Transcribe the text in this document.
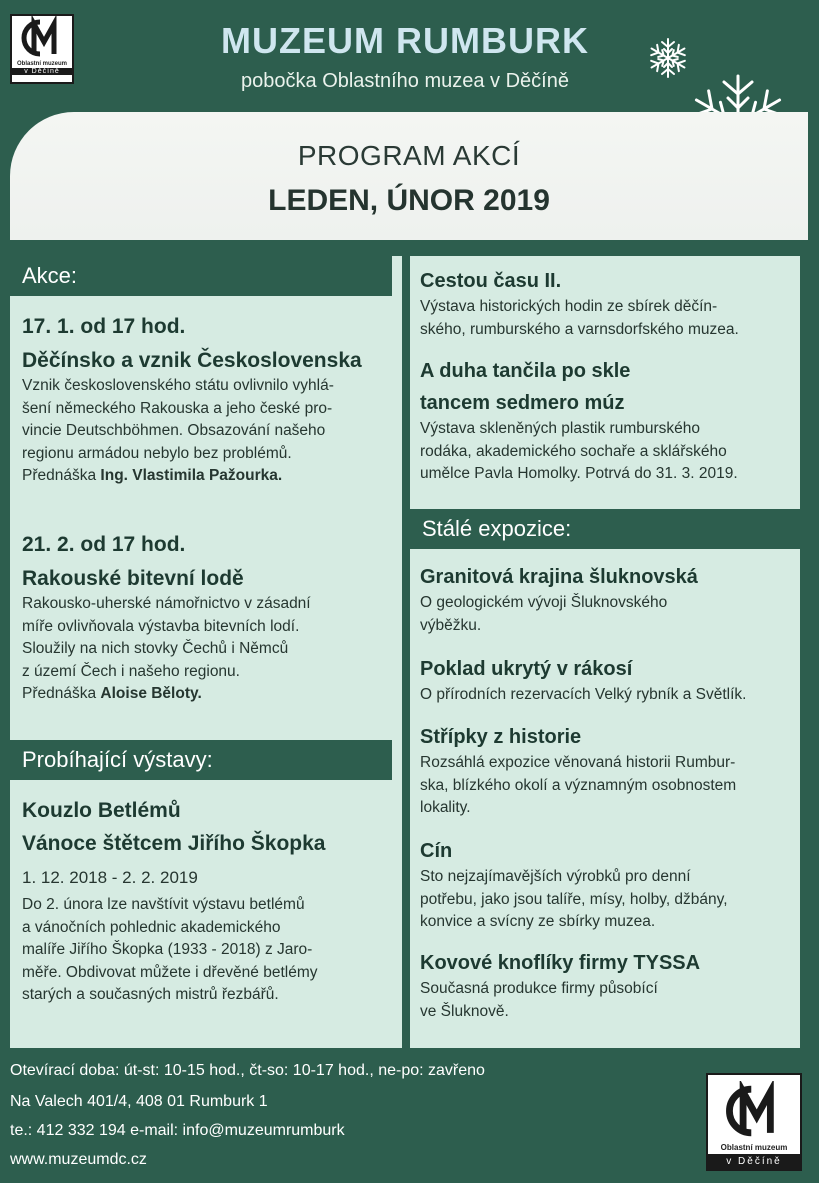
Oblastní muzeum
v Děčíně
MUZEUM RUMBURK
pobočka Oblastního muzea v Děčíně
PROGRAM AKCÍ
LEDEN, ÚNOR 2019
Akce:
17. 1. od 17 hod.
Děčínsko a vznik Československa
Vznik československého státu ovlivnilo vyhlá-
šení německého Rakouska a jeho české pro-
vincie Deutschböhmen. Obsazování našeho
regionu armádou nebylo bez problémů.
Přednáška Ing. Vlastimila Pažourka.
21. 2. od 17 hod.
Rakouské bitevní lodě
Rakousko-uherské námořnictvo v zásadní
míře ovlivňovala výstavba bitevních lodí.
Sloužily na nich stovky Čechů i Němců
z území Čech i našeho regionu.
Přednáška Aloise Běloty.
Probíhající výstavy:
Kouzlo Betlémů
Vánoce štětcem Jiřího Škopka
1. 12. 2018 - 2. 2. 2019
Do 2. února lze navštívit výstavu betlémů
a vánočních pohlednic akademického
malíře Jiřího Škopka (1933 - 2018) z Jaro-
měře. Obdivovat můžete i dřevěné betlémy
starých a současných mistrů řezbářů.
Cestou času II.
Výstava historických hodin ze sbírek děčín-
ského, rumburského a varnsdorfského muzea.
A duha tančila po skle
tancem sedmero múz
Výstava skleněných plastik rumburského
rodáka, akademického sochaře a sklářského
umělce Pavla Homolky. Potrvá do 31. 3. 2019.
Stálé expozice:
Granitová krajina šluknovská
O geologickém vývoji Šluknovského
výběžku.
Poklad ukrytý v rákosí
O přírodních rezervacích Velký rybník a Světlík.
Střípky z historie
Rozsáhlá expozice věnovaná historii Rumbur-
ska, blízkého okolí a významným osobnostem
lokality.
Cín
Sto nejzajímavějších výrobků pro denní
potřebu, jako jsou talíře, mísy, holby, džbány,
konvice a svícny ze sbírky muzea.
Kovové knoflíky firmy TYSSA
Současná produkce firmy působící
ve Šluknově.
Otevírací doba: út-st: 10-15 hod., čt-so: 10-17 hod., ne-po: zavřeno
Na Valech 401/4, 408 01 Rumburk 1
te.: 412 332 194 e-mail: info@muzeumrumburk
www.muzeumdc.cz
Oblastní muzeum
v Děčíně
